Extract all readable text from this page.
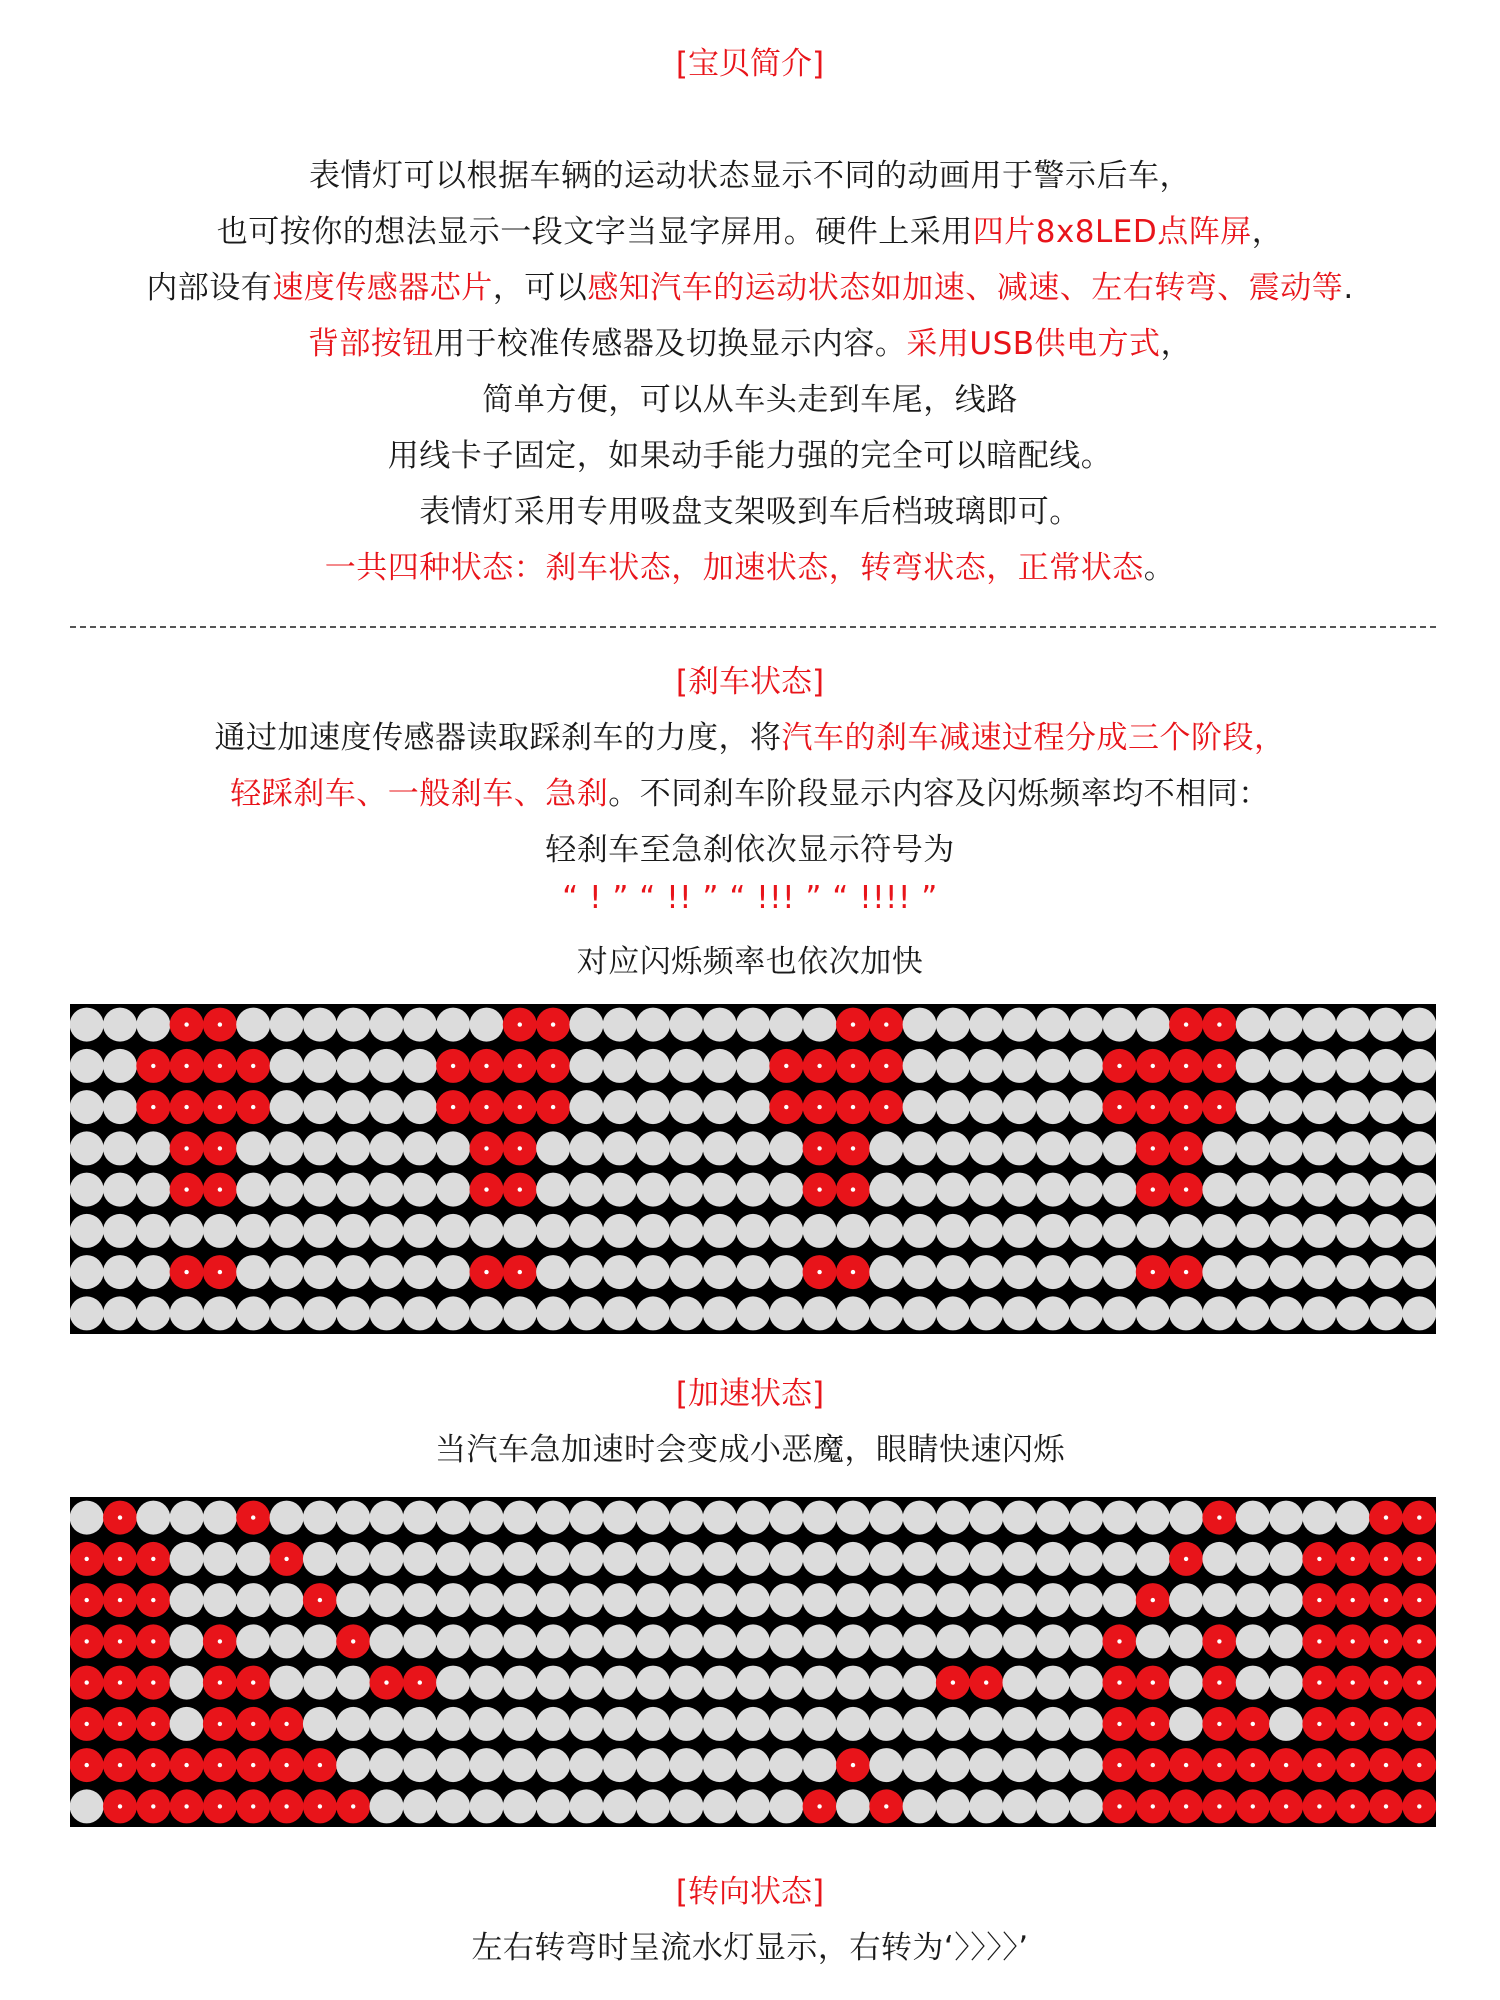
[宝贝简介]
表情灯可以根据车辆的运动状态显示不同的动画用于警示后车，
也可按你的想法显示一段文字当显字屏用。硬件上采用四片8x8LED点阵屏，
内部设有速度传感器芯片，可以感知汽车的运动状态如加速、减速、左右转弯、震动等.
背部按钮用于校准传感器及切换显示内容。采用USB供电方式，
简单方便，可以从车头走到车尾，线路
用线卡子固定，如果动手能力强的完全可以暗配线。
表情灯采用专用吸盘支架吸到车后档玻璃即可。
一共四种状态：刹车状态，加速状态，转弯状态，正常状态。
[刹车状态]
通过加速度传感器读取踩刹车的力度，将汽车的刹车减速过程分成三个阶段，
轻踩刹车、一般刹车、急刹。不同刹车阶段显示内容及闪烁频率均不相同：
轻刹车至急刹依次显示符号为
“ ! ” “ !! ” “ !!! ” “ !!!! ”
对应闪烁频率也依次加快
[加速状态]
当汽车急加速时会变成小恶魔，眼睛快速闪烁
[转向状态]
左右转弯时呈流水灯显示，右转为‘〉〉〉〉’
